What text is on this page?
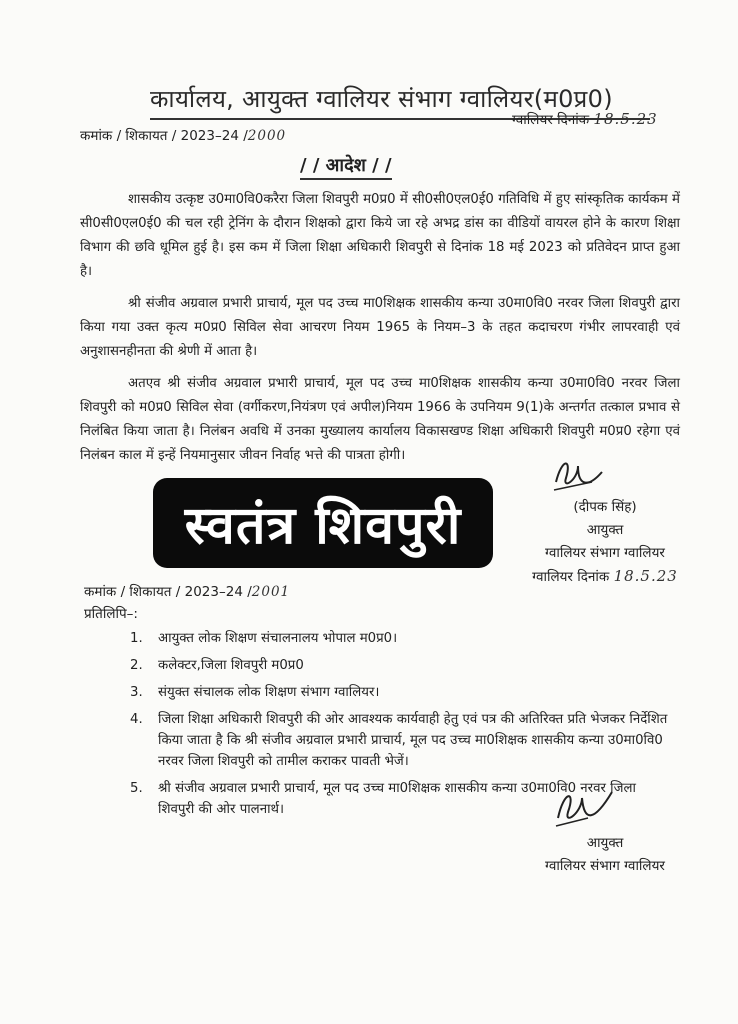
कार्यालय, आयुक्त ग्वालियर संभाग ग्वालियर(म0प्र0)
कमांक / शिकायत / 2023–24 /2000
ग्वालियर दिनांक 18.5.23
/ / आदेश / /

शासकीय उत्कृष्ट उ0मा0वि0करैरा जिला शिवपुरी म0प्र0 में सी0सी0एल0ई0 गतिविधि में हुए सांस्कृतिक कार्यकम में सी0सी0एल0ई0 की चल रही ट्रेनिंग के दौरान शिक्षको द्वारा किये जा रहे अभद्र डांस का वीडियों वायरल होने के कारण शिक्षा विभाग की छवि धूमिल हुई है। इस कम में जिला शिक्षा अधिकारी शिवपुरी से दिनांक 18 मई 2023 को प्रतिवेदन प्राप्त हुआ है।

श्री संजीव अग्रवाल प्रभारी प्राचार्य, मूल पद उच्च मा0शिक्षक शासकीय कन्या उ0मा0वि0 नरवर जिला शिवपुरी द्वारा किया गया उक्त कृत्य म0प्र0 सिविल सेवा आचरण नियम 1965 के नियम–3 के तहत कदाचरण गंभीर लापरवाही एवं अनुशासनहीनता की श्रेणी में आता है।

अतएव श्री संजीव अग्रवाल प्रभारी प्राचार्य, मूल पद उच्च मा0शिक्षक शासकीय कन्या उ0मा0वि0 नरवर जिला शिवपुरी को म0प्र0 सिविल सेवा (वर्गीकरण,नियंत्रण एवं अपील)नियम 1966 के उपनियम 9(1)के अन्तर्गत तत्काल प्रभाव से निलंबित किया जाता है। निलंबन अवधि में उनका मुख्यालय कार्यालय विकासखण्ड शिक्षा अधिकारी शिवपुरी म0प्र0 रहेगा एवं निलंबन काल में इन्हें नियमानुसार जीवन निर्वाह भत्ते की पात्रता होगी।

(दीपक सिंह)
आयुक्त
ग्वालियर संभाग ग्वालियर
ग्वालियर दिनांक 18.5.23
स्वतंत्र शिवपुरी
कमांक / शिकायत / 2023–24 /2001
प्रतिलिपि–:
1. आयुक्त लोक शिक्षण संचालनालय भोपाल म0प्र0।
2. कलेक्टर,जिला शिवपुरी म0प्र0
3. संयुक्त संचालक लोक शिक्षण संभाग ग्वालियर।
4. जिला शिक्षा अधिकारी शिवपुरी की ओर आवश्यक कार्यवाही हेतु एवं पत्र की अतिरिक्त प्रति भेजकर निर्देशित किया जाता है कि श्री संजीव अग्रवाल प्रभारी प्राचार्य, मूल पद उच्च मा0शिक्षक शासकीय कन्या उ0मा0वि0 नरवर जिला शिवपुरी को तामील कराकर पावती भेजें।
5. श्री संजीव अग्रवाल प्रभारी प्राचार्य, मूल पद उच्च मा0शिक्षक शासकीय कन्या उ0मा0वि0 नरवर जिला शिवपुरी की ओर पालनार्थ।
आयुक्त
ग्वालियर संभाग ग्वालियर
